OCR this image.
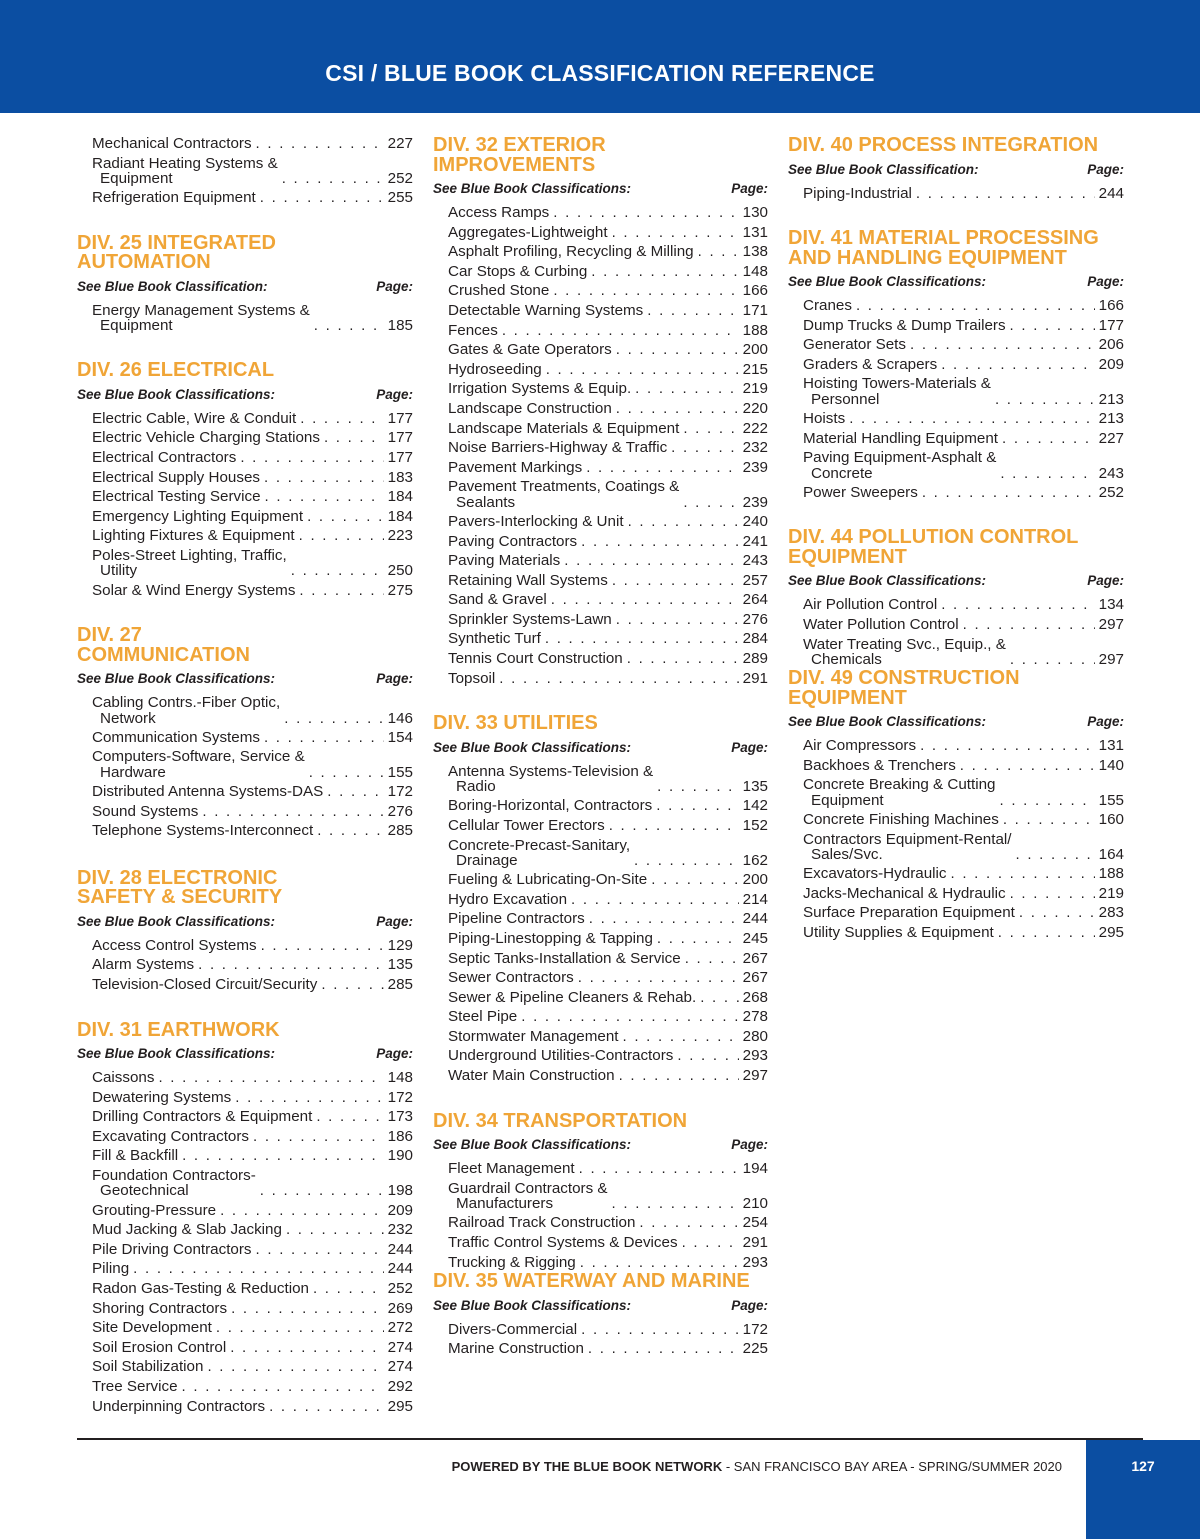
CSI / BLUE BOOK CLASSIFICATION REFERENCE
Mechanical Contractors . . .	227
Radiant Heating Systems &
Equipment . . .	252
Refrigeration Equipment . . .	255
DIV. 25 INTEGRATED AUTOMATION
See Blue Book Classification:	Page:
Energy Management Systems &
Equipment . . .	185
DIV. 26 ELECTRICAL
See Blue Book Classifications:	Page:
Electric Cable, Wire & Conduit . . .	177
Electric Vehicle Charging Stations . . .	177
Electrical Contractors . . .	177
Electrical Supply Houses . . .	183
Electrical Testing Service . . .	184
Emergency Lighting Equipment . . .	184
Lighting Fixtures & Equipment . . .	223
Poles-Street Lighting, Traffic,
Utility . . .	250
Solar & Wind Energy Systems . . .	275
DIV. 27 COMMUNICATION
See Blue Book Classifications:	Page:
Cabling Contrs.-Fiber Optic,
Network . . .	146
Communication Systems . . .	154
Computers-Software, Service &
Hardware . . .	155
Distributed Antenna Systems-DAS . . .	172
Sound Systems . . .	276
Telephone Systems-Interconnect . . .	285
DIV. 28 ELECTRONIC SAFETY & SECURITY
See Blue Book Classifications:	Page:
Access Control Systems . . .	129
Alarm Systems . . .	135
Television-Closed Circuit/Security . . .	285
DIV. 31 EARTHWORK
See Blue Book Classifications:	Page:
Caissons . . .	148
Dewatering Systems . . .	172
Drilling Contractors & Equipment . . .	173
Excavating Contractors . . .	186
Fill & Backfill . . .	190
Foundation Contractors-
Geotechnical . . .	198
Grouting-Pressure . . .	209
Mud Jacking & Slab Jacking . . .	232
Pile Driving Contractors . . .	244
Piling . . .	244
Radon Gas-Testing & Reduction . . .	252
Shoring Contractors . . .	269
Site Development . . .	272
Soil Erosion Control . . .	274
Soil Stabilization . . .	274
Tree Service . . .	292
Underpinning Contractors . . .	295
DIV. 32 EXTERIOR IMPROVEMENTS
See Blue Book Classifications:	Page:
Access Ramps . . .	130
Aggregates-Lightweight . . .	131
Asphalt Profiling, Recycling & Milling . . .	138
Car Stops & Curbing . . .	148
Crushed Stone . . .	166
Detectable Warning Systems . . .	171
Fences . . .	188
Gates & Gate Operators . . .	200
Hydroseeding . . .	215
Irrigation Systems & Equip. . . .	219
Landscape Construction . . .	220
Landscape Materials & Equipment . . .	222
Noise Barriers-Highway & Traffic . . .	232
Pavement Markings . . .	239
Pavement Treatments, Coatings &
Sealants . . .	239
Pavers-Interlocking & Unit . . .	240
Paving Contractors . . .	241
Paving Materials . . .	243
Retaining Wall Systems . . .	257
Sand & Gravel . . .	264
Sprinkler Systems-Lawn . . .	276
Synthetic Turf . . .	284
Tennis Court Construction . . .	289
Topsoil . . .	291
DIV. 33 UTILITIES
See Blue Book Classifications:	Page:
Antenna Systems-Television &
Radio . . .	135
Boring-Horizontal, Contractors . . .	142
Cellular Tower Erectors . . .	152
Concrete-Precast-Sanitary,
Drainage . . .	162
Fueling & Lubricating-On-Site . . .	200
Hydro Excavation . . .	214
Pipeline Contractors . . .	244
Piping-Linestopping & Tapping . . .	245
Septic Tanks-Installation & Service . . .	267
Sewer Contractors . . .	267
Sewer & Pipeline Cleaners & Rehab. . . .	268
Steel Pipe . . .	278
Stormwater Management . . .	280
Underground Utilities-Contractors . . .	293
Water Main Construction . . .	297
DIV. 34 TRANSPORTATION
See Blue Book Classifications:	Page:
Fleet Management . . .	194
Guardrail Contractors &
Manufacturers . . .	210
Railroad Track Construction . . .	254
Traffic Control Systems & Devices . . .	291
Trucking & Rigging . . .	293
DIV. 35 WATERWAY AND MARINE
See Blue Book Classifications:	Page:
Divers-Commercial . . .	172
Marine Construction . . .	225
DIV. 40 PROCESS INTEGRATION
See Blue Book Classification:	Page:
Piping-Industrial . . .	244
DIV. 41 MATERIAL PROCESSING AND HANDLING EQUIPMENT
See Blue Book Classifications:	Page:
Cranes . . .	166
Dump Trucks & Dump Trailers . . .	177
Generator Sets . . .	206
Graders & Scrapers . . .	209
Hoisting Towers-Materials &
Personnel . . .	213
Hoists . . .	213
Material Handling Equipment . . .	227
Paving Equipment-Asphalt &
Concrete . . .	243
Power Sweepers . . .	252
DIV. 44 POLLUTION CONTROL EQUIPMENT
See Blue Book Classifications:	Page:
Air Pollution Control . . .	134
Water Pollution Control . . .	297
Water Treating Svc., Equip., &
Chemicals . . .	297
DIV. 49 CONSTRUCTION EQUIPMENT
See Blue Book Classifications:	Page:
Air Compressors . . .	131
Backhoes & Trenchers . . .	140
Concrete Breaking & Cutting
Equipment . . .	155
Concrete Finishing Machines . . .	160
Contractors Equipment-Rental/
Sales/Svc. . . .	164
Excavators-Hydraulic . . .	188
Jacks-Mechanical & Hydraulic . . .	219
Surface Preparation Equipment . . .	283
Utility Supplies & Equipment . . .	295
POWERED BY THE BLUE BOOK NETWORK - SAN FRANCISCO BAY AREA - SPRING/SUMMER 2020	127
